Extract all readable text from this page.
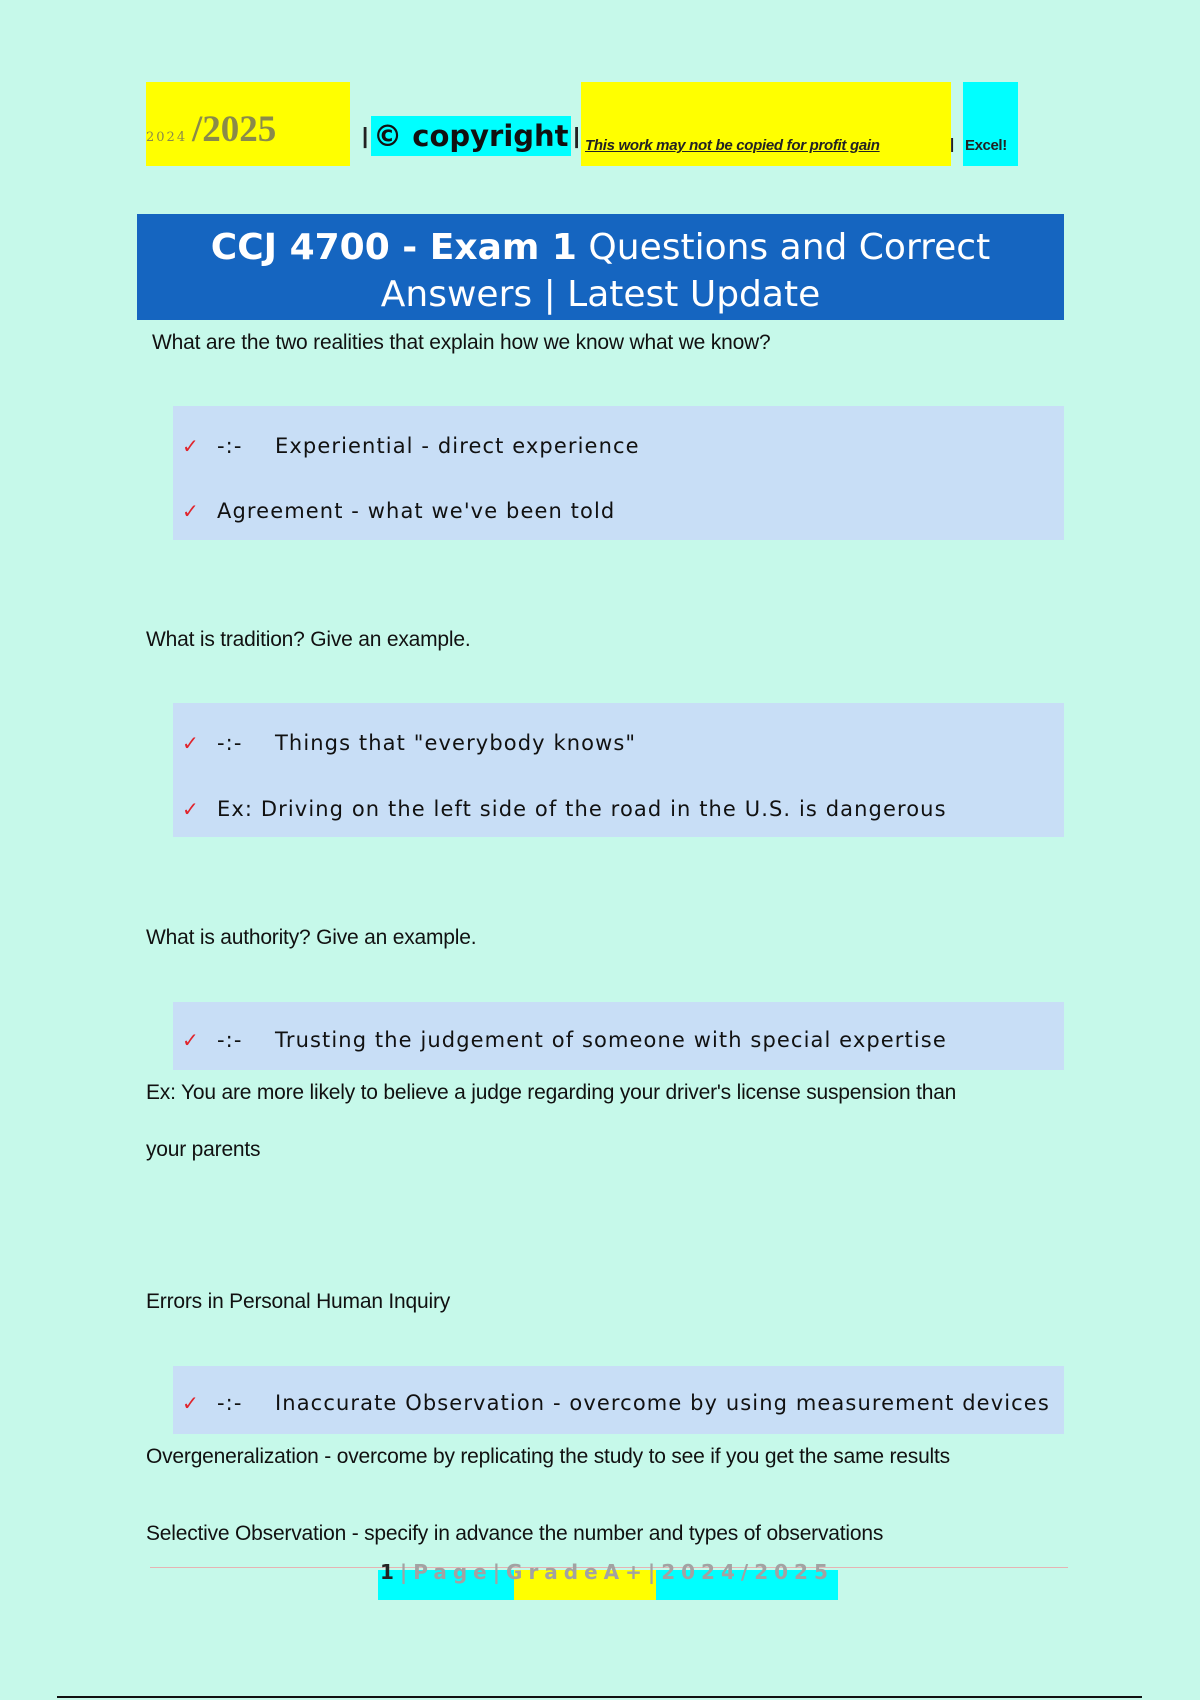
2024 /2025	| © copyright | This work may not be copied for profit gain	| Excel!
CCJ 4700 - Exam 1 Questions and Correct Answers | Latest Update
What are the two realities that explain how we know what we know?
✓ -:- Experiential - direct experience
✓ Agreement - what we've been told
What is tradition? Give an example.
✓ -:- Things that "everybody knows"
✓ Ex: Driving on the left side of the road in the U.S. is dangerous
What is authority? Give an example.
✓ -:- Trusting the judgement of someone with special expertise
Ex: You are more likely to believe a judge regarding your driver's license suspension than
your parents
Errors in Personal Human Inquiry
✓ -:- Inaccurate Observation - overcome by using measurement devices
Overgeneralization - overcome by replicating the study to see if you get the same results
Selective Observation - specify in advance the number and types of observations
1|Page|GradeA+|2024/2025
